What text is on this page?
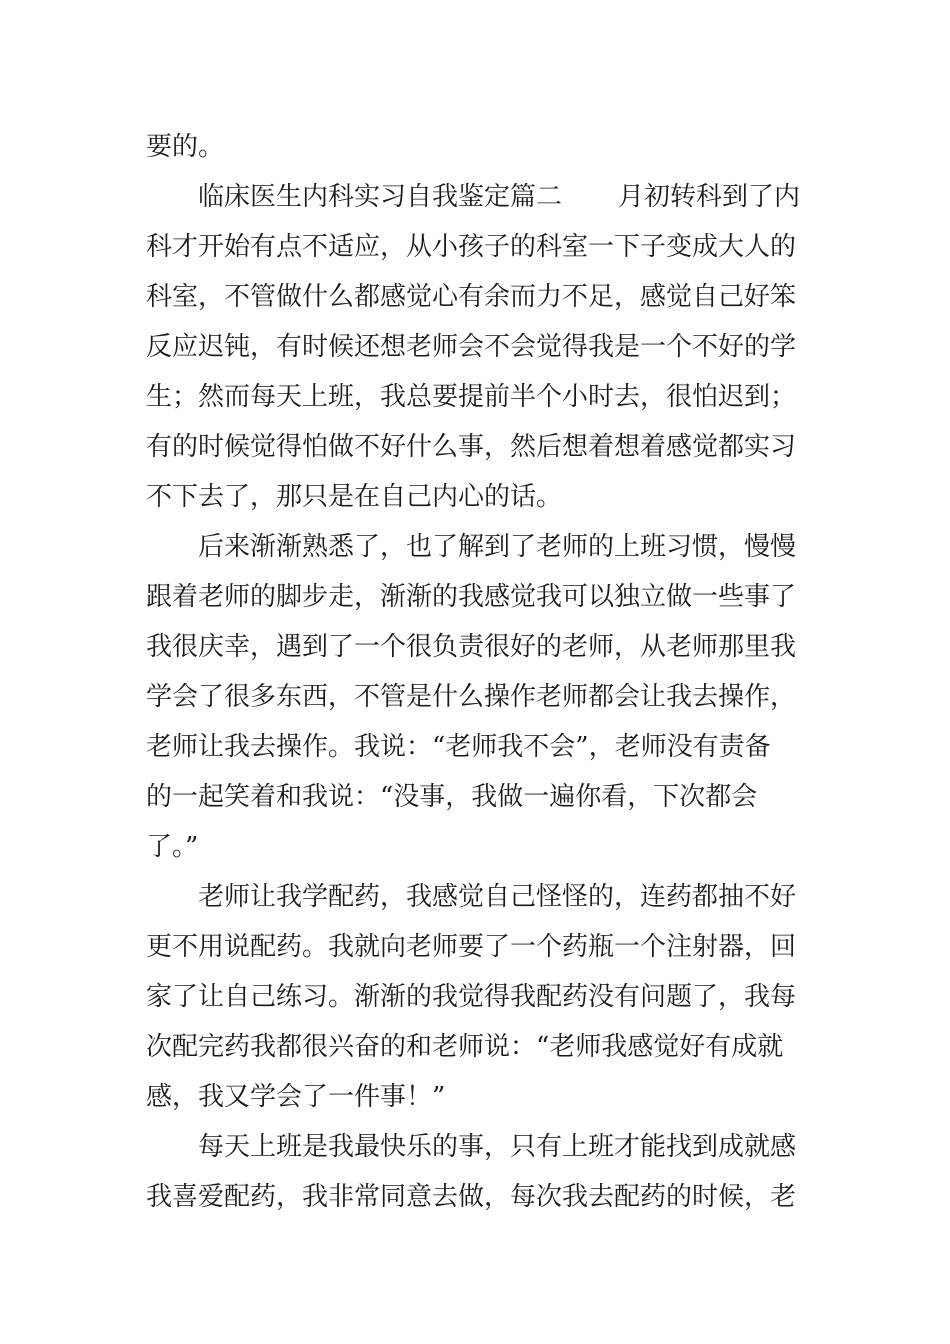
要的。
临床医生内科实习自我鉴定篇二 月初转科到了内
科才开始有点不适应，从小孩子的科室一下子变成大人的
科室，不管做什么都感觉心有余而力不足，感觉自己好笨
反应迟钝，有时候还想老师会不会觉得我是一个不好的学
生；然而每天上班，我总要提前半个小时去，很怕迟到；
有的时候觉得怕做不好什么事，然后想着想着感觉都实习
不下去了，那只是在自己内心的话。
后来渐渐熟悉了，也了解到了老师的上班习惯，慢慢
跟着老师的脚步走，渐渐的我感觉我可以独立做一些事了
我很庆幸，遇到了一个很负责很好的老师，从老师那里我
学会了很多东西，不管是什么操作老师都会让我去操作，
老师让我去操作。我说：“老师我不会”，老师没有责备
的一起笑着和我说：“没事，我做一遍你看，下次都会
了。”
老师让我学配药，我感觉自己怪怪的，连药都抽不好
更不用说配药。我就向老师要了一个药瓶一个注射器，回
家了让自己练习。渐渐的我觉得我配药没有问题了，我每
次配完药我都很兴奋的和老师说：“老师我感觉好有成就
感，我又学会了一件事！”
每天上班是我最快乐的事，只有上班才能找到成就感
我喜爱配药，我非常同意去做，每次我去配药的时候，老
